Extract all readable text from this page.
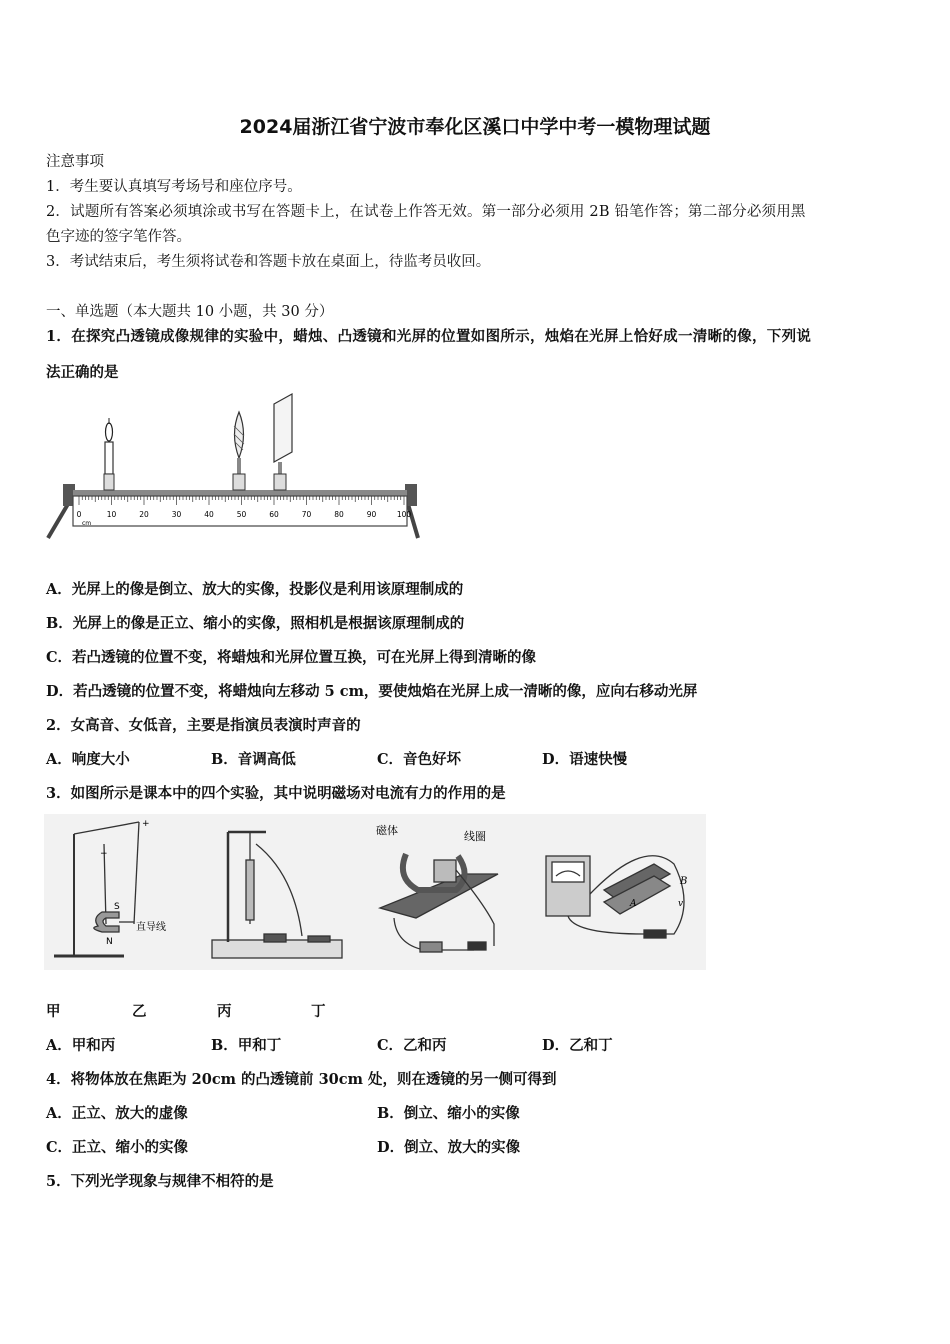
2024届浙江省宁波市奉化区溪口中学中考一模物理试题
注意事项
1．考生要认真填写考场号和座位序号。
2．试题所有答案必须填涂或书写在答题卡上，在试卷上作答无效。第一部分必须用 2B 铅笔作答；第二部分必须用黑
色字迹的签字笔作答。
3．考试结束后，考生须将试卷和答题卡放在桌面上，待监考员收回。
一、单选题（本大题共 10 小题，共 30 分）
1．在探究凸透镜成像规律的实验中，蜡烛、凸透镜和光屏的位置如图所示，烛焰在光屏上恰好成一清晰的像，下列说
法正确的是
0	10	20	30	40	50	60	70	80	90	100
cm
A．光屏上的像是倒立、放大的实像，投影仪是利用该原理制成的
B．光屏上的像是正立、缩小的实像，照相机是根据该原理制成的
C．若凸透镜的位置不变，将蜡烛和光屏位置互换，可在光屏上得到清晰的像
D．若凸透镜的位置不变，将蜡烛向左移动 5 cm，要使烛焰在光屏上成一清晰的像，应向右移动光屏
2．女高音、女低音，主要是指演员表演时声音的
A．响度大小	B．音调高低	C．音色好坏	D．语速快慢
3．如图所示是课本中的四个实验，其中说明磁场对电流有力的作用的是
S
N
直导线
+
−
磁体	线圈
B
A	v
甲	乙	丙	丁
A．甲和丙	B．甲和丁	C．乙和丙	D．乙和丁
4．将物体放在焦距为 20cm 的凸透镜前 30cm 处，则在透镜的另一侧可得到
A．正立、放大的虚像	B．倒立、缩小的实像
C．正立、缩小的实像	D．倒立、放大的实像
5．下列光学现象与规律不相符的是
